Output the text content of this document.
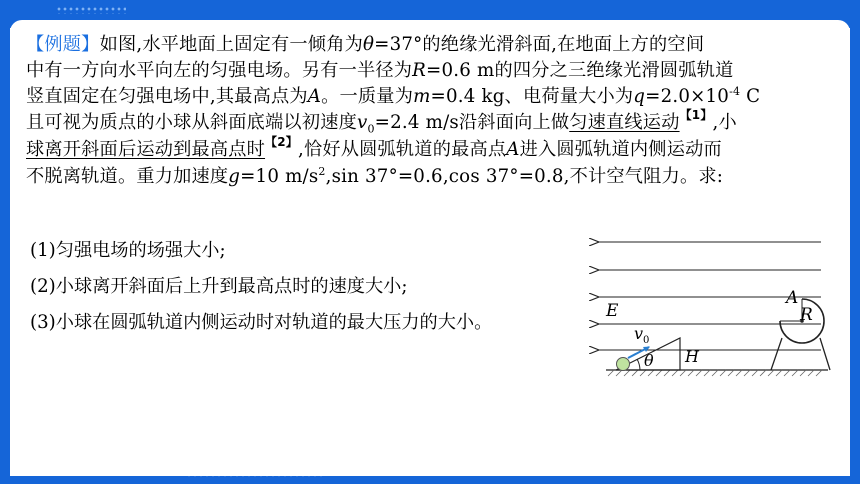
【例题】如图,水平地面上固定有一倾角为θ=37°的绝缘光滑斜面,在地面上方的空间

中有一方向水平向左的匀强电场。另有一半径为R=0.6 m的四分之三绝缘光滑圆弧轨道

竖直固定在匀强电场中,其最高点为A。一质量为m=0.4 kg、电荷量大小为$q=2.0\times 10^{-4}$ C

且可视为质点的小球从斜面底端以初速度$v_0=2.4$ m/s沿斜面向上做匀速直线运动【1】,小

球离开斜面后运动到最高点时【2】,恰好从圆弧轨道的最高点A进入圆弧轨道内侧运动而

不脱离轨道。重力加速度g=10 $m/s^2,\sin$ 37°=0.6,cos 37°=0.8,不计空气阻力。求:

(1)匀强电场的场强大小;
(2)小球离开斜面后上升到最高点时的速度大小;
(3)小球在圆弧轨道内侧运动时对轨道的最大压力的大小。
E
v 0
θ H
A
R
